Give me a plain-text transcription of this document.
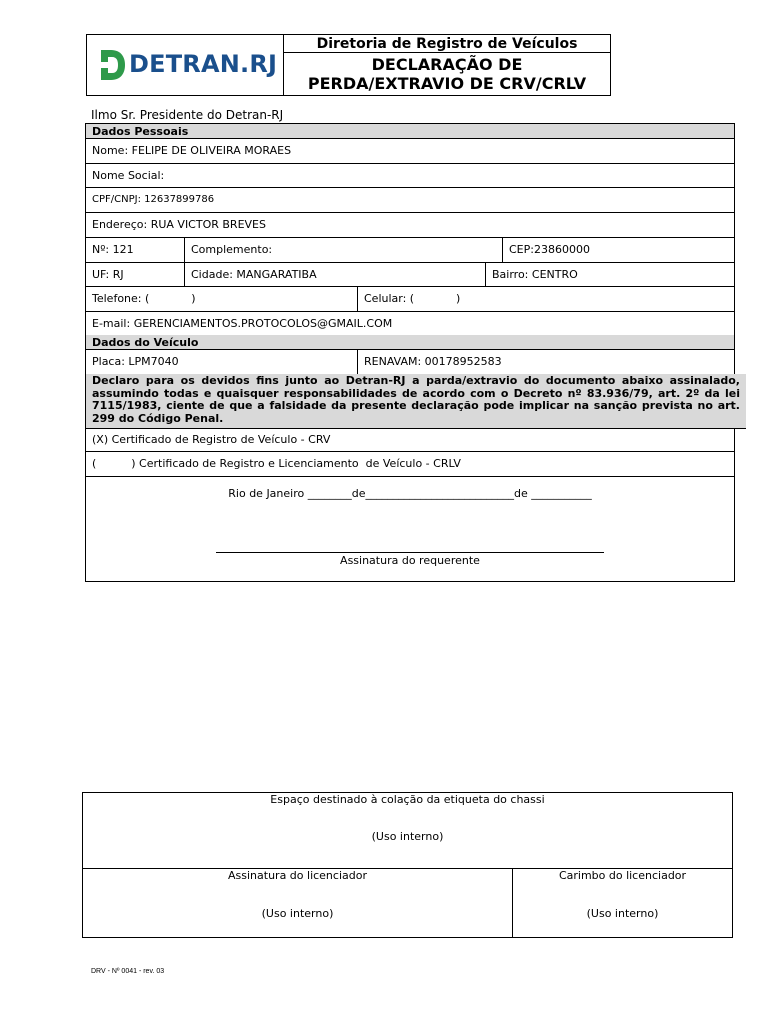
DETRAN.RJ
Diretoria de Registro de Veículos
DECLARAÇÃO DE
PERDA/EXTRAVIO DE CRV/CRLV
Ilmo Sr. Presidente do Detran-RJ
Dados Pessoais
Nome: FELIPE DE OLIVEIRA MORAES
Nome Social:
CPF/CNPJ: 12637899786
Endereço: RUA VICTOR BREVES
Nº: 121	Complemento:	CEP:23860000
UF: RJ	Cidade: MANGARATIBA	Bairro: CENTRO
Telefone: (            )	Celular: (            )
E-mail: GERENCIAMENTOS.PROTOCOLOS@GMAIL.COM
Dados do Veículo
Placa: LPM7040	RENAVAM: 00178952583
Declaro para os devidos fins junto ao Detran-RJ a parda/extravio do documento abaixo assinalado, assumindo todas e quaisquer responsabilidades de acordo com o Decreto nº 83.936/79, art. 2º da lei 7115/1983, ciente de que a falsidade da presente declaração pode implicar na sanção prevista no art. 299 do Código Penal.
(X) Certificado de Registro de Veículo - CRV
(          ) Certificado de Registro e Licenciamento  de Veículo - CRLV
Rio de Janeiro ________de___________________________de ___________
Assinatura do requerente
Espaço destinado à colação da etiqueta do chassi
(Uso interno)
Assinatura do licenciador
(Uso interno)
Carimbo do licenciador
(Uso interno)
DRV - Nº 0041 - rev. 03
